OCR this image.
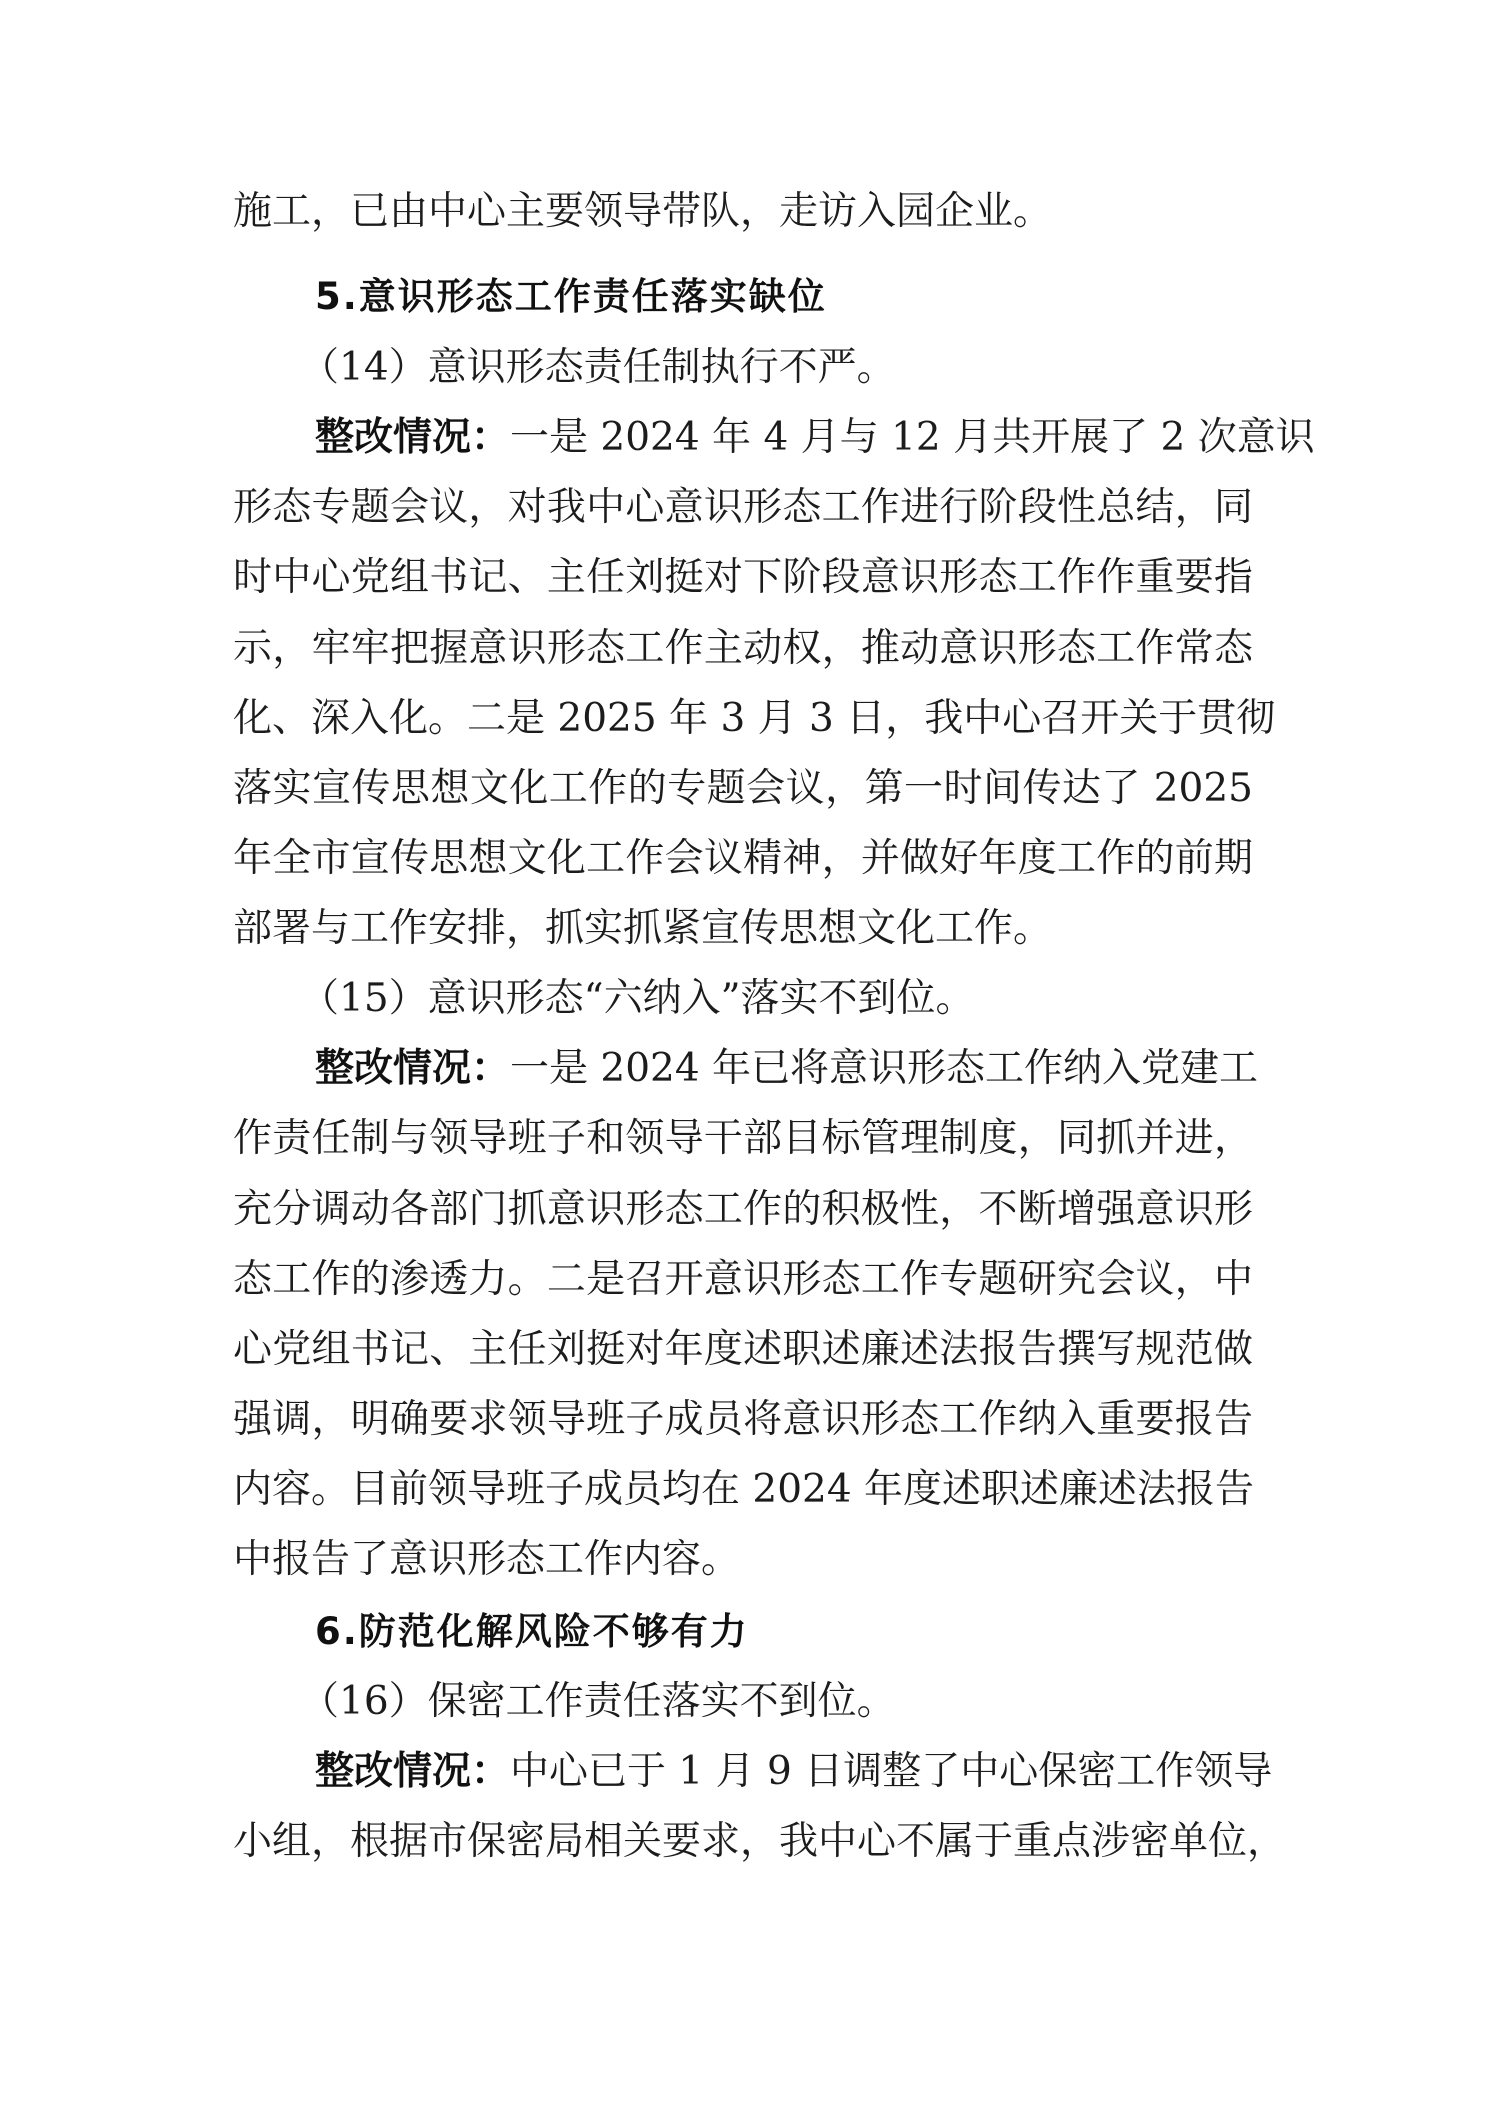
施工，已由中心主要领导带队，走访入园企业。
5.意识形态工作责任落实缺位
（14）意识形态责任制执行不严。
整改情况：一是 2024 年 4 月与 12 月共开展了 2 次意识
形态专题会议，对我中心意识形态工作进行阶段性总结，同
时中心党组书记、主任刘挺对下阶段意识形态工作作重要指
示，牢牢把握意识形态工作主动权，推动意识形态工作常态
化、深入化。二是 2025 年 3 月 3 日，我中心召开关于贯彻
落实宣传思想文化工作的专题会议，第一时间传达了 2025
年全市宣传思想文化工作会议精神，并做好年度工作的前期
部署与工作安排，抓实抓紧宣传思想文化工作。
（15）意识形态“六纳入”落实不到位。
整改情况：一是 2024 年已将意识形态工作纳入党建工
作责任制与领导班子和领导干部目标管理制度，同抓并进，
充分调动各部门抓意识形态工作的积极性，不断增强意识形
态工作的渗透力。二是召开意识形态工作专题研究会议，中
心党组书记、主任刘挺对年度述职述廉述法报告撰写规范做
强调，明确要求领导班子成员将意识形态工作纳入重要报告
内容。目前领导班子成员均在 2024 年度述职述廉述法报告
中报告了意识形态工作内容。
6.防范化解风险不够有力
（16）保密工作责任落实不到位。
整改情况：中心已于 1 月 9 日调整了中心保密工作领导
小组，根据市保密局相关要求，我中心不属于重点涉密单位，
